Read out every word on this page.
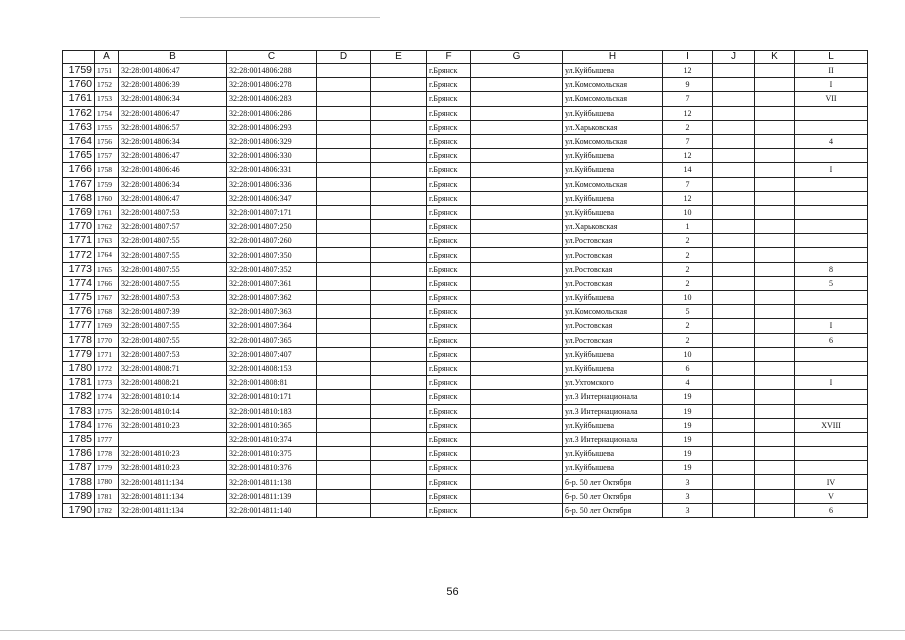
	A	B	C	D	E	F	G	H	I	J	K	L
1759	1751	32:28:0014806:47	32:28:0014806:288			г.Брянск		ул.Куйбышева	12			II
1760	1752	32:28:0014806:39	32:28:0014806:278			г.Брянск		ул.Комсомольская	9			I
1761	1753	32:28:0014806:34	32:28:0014806:283			г.Брянск		ул.Комсомольская	7			VII
1762	1754	32:28:0014806:47	32:28:0014806:286			г.Брянск		ул.Куйбышева	12			
1763	1755	32:28:0014806:57	32:28:0014806:293			г.Брянск		ул.Харьковская	2			
1764	1756	32:28:0014806:34	32:28:0014806:329			г.Брянск		ул.Комсомольская	7			4
1765	1757	32:28:0014806:47	32:28:0014806:330			г.Брянск		ул.Куйбышева	12			
1766	1758	32:28:0014806:46	32:28:0014806:331			г.Брянск		ул.Куйбышева	14			I
1767	1759	32:28:0014806:34	32:28:0014806:336			г.Брянск		ул.Комсомольская	7			
1768	1760	32:28:0014806:47	32:28:0014806:347			г.Брянск		ул.Куйбышева	12			
1769	1761	32:28:0014807:53	32:28:0014807:171			г.Брянск		ул.Куйбышева	10			
1770	1762	32:28:0014807:57	32:28:0014807:250			г.Брянск		ул.Харьковская	1			
1771	1763	32:28:0014807:55	32:28:0014807:260			г.Брянск		ул.Ростовская	2			
1772	1764	32:28:0014807:55	32:28:0014807:350			г.Брянск		ул.Ростовская	2			
1773	1765	32:28:0014807:55	32:28:0014807:352			г.Брянск		ул.Ростовская	2			8
1774	1766	32:28:0014807:55	32:28:0014807:361			г.Брянск		ул.Ростовская	2			5
1775	1767	32:28:0014807:53	32:28:0014807:362			г.Брянск		ул.Куйбышева	10			
1776	1768	32:28:0014807:39	32:28:0014807:363			г.Брянск		ул.Комсомольская	5			
1777	1769	32:28:0014807:55	32:28:0014807:364			г.Брянск		ул.Ростовская	2			I
1778	1770	32:28:0014807:55	32:28:0014807:365			г.Брянск		ул.Ростовская	2			6
1779	1771	32:28:0014807:53	32:28:0014807:407			г.Брянск		ул.Куйбышева	10			
1780	1772	32:28:0014808:71	32:28:0014808:153			г.Брянск		ул.Куйбышева	6			
1781	1773	32:28:0014808:21	32:28:0014808:81			г.Брянск		ул.Ухтомского	4			I
1782	1774	32:28:0014810:14	32:28:0014810:171			г.Брянск		ул.3 Интернационала	19			
1783	1775	32:28:0014810:14	32:28:0014810:183			г.Брянск		ул.3 Интернационала	19			
1784	1776	32:28:0014810:23	32:28:0014810:365			г.Брянск		ул.Куйбышева	19			XVIII
1785	1777		32:28:0014810:374			г.Брянск		ул.3 Интернационала	19			
1786	1778	32:28:0014810:23	32:28:0014810:375			г.Брянск		ул.Куйбышева	19			
1787	1779	32:28:0014810:23	32:28:0014810:376			г.Брянск		ул.Куйбышева	19			
1788	1780	32:28:0014811:134	32:28:0014811:138			г.Брянск		б-р. 50 лет Октября	3			IV
1789	1781	32:28:0014811:134	32:28:0014811:139			г.Брянск		б-р. 50 лет Октября	3			V
1790	1782	32:28:0014811:134	32:28:0014811:140			г.Брянск		б-р. 50 лет Октября	3			6
56
